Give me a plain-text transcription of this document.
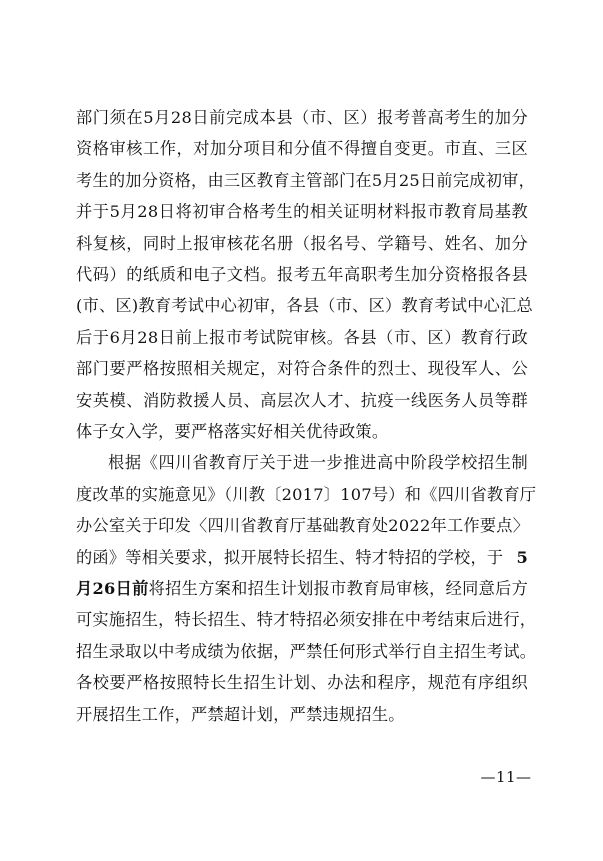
部门须在5月28日前完成本县（市、区）报考普高考生的加分
资格审核工作，对加分项目和分值不得擅自变更。市直、三区
考生的加分资格，由三区教育主管部门在5月25日前完成初审，
并于5月28日将初审合格考生的相关证明材料报市教育局基教
科复核，同时上报审核花名册（报名号、学籍号、姓名、加分
代码）的纸质和电子文档。报考五年高职考生加分资格报各县
(市、区)教育考试中心初审，各县（市、区）教育考试中心汇总
后于6月28日前上报市考试院审核。各县（市、区）教育行政
部门要严格按照相关规定，对符合条件的烈士、现役军人、公
安英模、消防救援人员、高层次人才、抗疫一线医务人员等群
体子女入学，要严格落实好相关优待政策。
根据《四川省教育厅关于进一步推进高中阶段学校招生制
度改革的实施意见》（川教〔2017〕107号）和《四川省教育厅
办公室关于印发〈四川省教育厅基础教育处2022年工作要点〉
的函》等相关要求，拟开展特长招生、特才特招的学校，于 5
月26日前将招生方案和招生计划报市教育局审核，经同意后方
可实施招生，特长招生、特才特招必须安排在中考结束后进行，
招生录取以中考成绩为依据，严禁任何形式举行自主招生考试。
各校要严格按照特长生招生计划、办法和程序，规范有序组织
开展招生工作，严禁超计划，严禁违规招生。
—11—
